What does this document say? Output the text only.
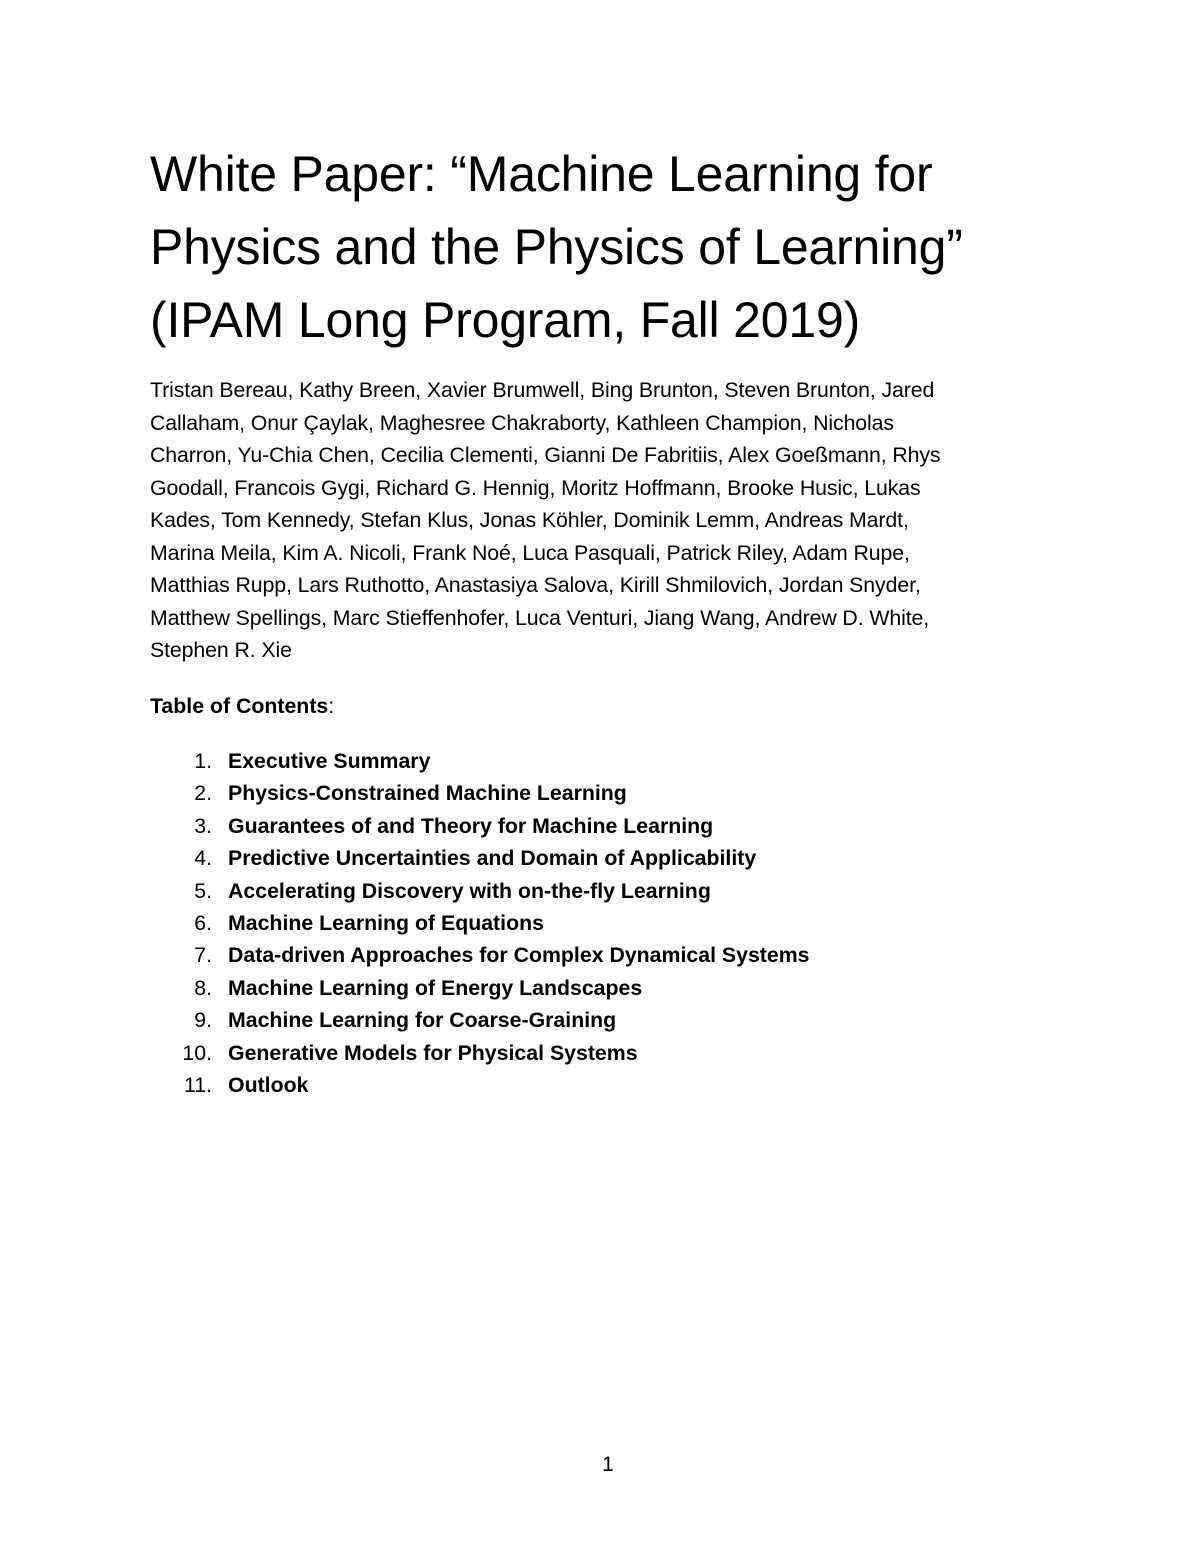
White Paper: “Machine Learning for
Physics and the Physics of Learning”
(IPAM Long Program, Fall 2019)

Tristan Bereau, Kathy Breen, Xavier Brumwell, Bing Brunton, Steven Brunton, Jared
Callaham, Onur Çaylak, Maghesree Chakraborty, Kathleen Champion, Nicholas
Charron, Yu-Chia Chen, Cecilia Clementi, Gianni De Fabritiis, Alex Goeßmann, Rhys
Goodall, Francois Gygi, Richard G. Hennig, Moritz Hoffmann, Brooke Husic, Lukas
Kades, Tom Kennedy, Stefan Klus, Jonas Köhler, Dominik Lemm, Andreas Mardt,
Marina Meila, Kim A. Nicoli, Frank Noé, Luca Pasquali, Patrick Riley, Adam Rupe,
Matthias Rupp, Lars Ruthotto, Anastasiya Salova, Kirill Shmilovich, Jordan Snyder,
Matthew Spellings, Marc Stieffenhofer, Luca Venturi, Jiang Wang, Andrew D. White,
Stephen R. Xie

Table of Contents:

1. Executive Summary
2. Physics-Constrained Machine Learning
3. Guarantees of and Theory for Machine Learning
4. Predictive Uncertainties and Domain of Applicability
5. Accelerating Discovery with on-the-fly Learning
6. Machine Learning of Equations
7. Data-driven Approaches for Complex Dynamical Systems
8. Machine Learning of Energy Landscapes
9. Machine Learning for Coarse-Graining
10. Generative Models for Physical Systems
11. Outlook
1
